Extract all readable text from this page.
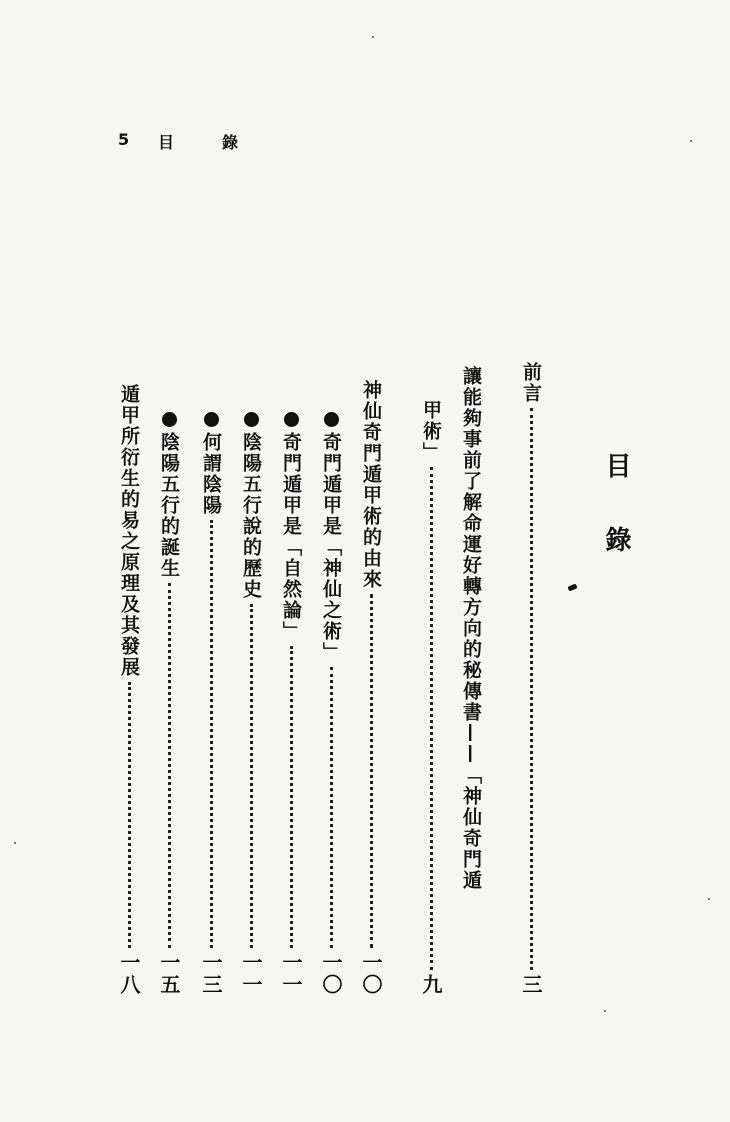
5 目	錄
目錄
前言
三
讓能夠事前了解命運好轉方向的秘傳書——「神仙奇門遁
甲術」
九
神仙奇門遁甲術的由來
一〇
奇門遁甲是「神仙之術」
一〇
奇門遁甲是「自然論」
一一
陰陽五行說的歷史
一一
何謂陰陽
一三
陰陽五行的誕生
一五
遁甲所衍生的易之原理及其發展
一八
